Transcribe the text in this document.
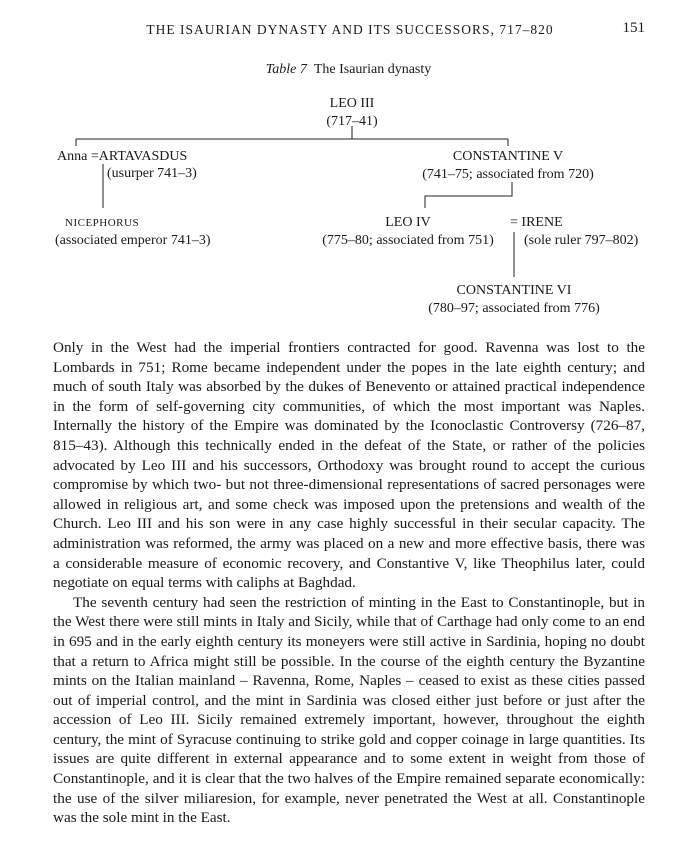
THE ISAURIAN DYNASTY AND ITS SUCCESSORS, 717–820	151
Table 7 The Isaurian dynasty
LEO III
(717–41)
Anna =ARTAVASDUS
(usurper 741–3)
CONSTANTINE V
(741–75; associated from 720)
NICEPHORUS
(associated emperor 741–3)
LEO IV
(775–80; associated from 751)
= IRENE
(sole ruler 797–802)
CONSTANTINE VI
(780–97; associated from 776)

Only in the West had the imperial frontiers contracted for good. Ravenna was lost to the Lombards in 751; Rome became independent under the popes in the late eighth century; and much of south Italy was absorbed by the dukes of Benevento or attained practical independence in the form of self-governing city communities, of which the most important was Naples. Internally the history of the Empire was dominated by the Iconoclastic Controversy (726–87, 815–43). Although this technically ended in the defeat of the State, or rather of the policies advocated by Leo III and his successors, Orthodoxy was brought round to accept the curious compromise by which two- but not three-dimensional representations of sacred personages were allowed in religious art, and some check was imposed upon the pretensions and wealth of the Church. Leo III and his son were in any case highly successful in their secular capacity. The administration was reformed, the army was placed on a new and more effective basis, there was a considerable measure of economic recovery, and Constantive V, like Theophilus later, could negotiate on equal terms with caliphs at Baghdad.

The seventh century had seen the restriction of minting in the East to Constantinople, but in the West there were still mints in Italy and Sicily, while that of Carthage had only come to an end in 695 and in the early eighth century its moneyers were still active in Sardinia, hoping no doubt that a return to Africa might still be possible. In the course of the eighth century the Byzantine mints on the Italian mainland – Ravenna, Rome, Naples – ceased to exist as these cities passed out of imperial control, and the mint in Sardinia was closed either just before or just after the accession of Leo III. Sicily remained extremely important, however, throughout the eighth century, the mint of Syracuse continuing to strike gold and copper coinage in large quantities. Its issues are quite different in external appearance and to some extent in weight from those of Constantinople, and it is clear that the two halves of the Empire remained separate economically: the use of the silver miliaresion, for example, never penetrated the West at all. Constantinople was the sole mint in the East.
